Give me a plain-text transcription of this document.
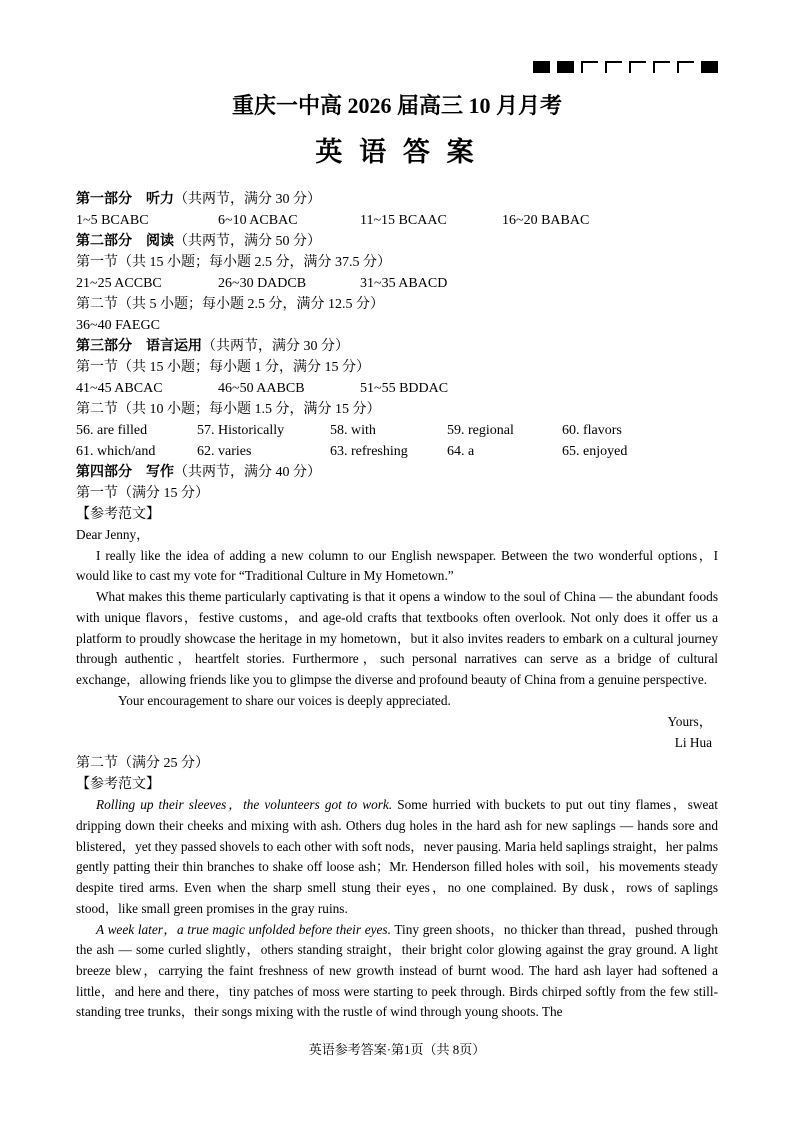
重庆一中高 2026 届高三 10 月月考
英 语 答 案

第一部分　听力（共两节，满分 30 分）

1~5 BCABC	6~10 ACBAC	11~15 BCAAC	16~20 BABAC

第二部分　阅读（共两节，满分 50 分）

第一节（共 15 小题；每小题 2.5 分，满分 37.5 分）

21~25 ACCBC	26~30 DADCB	31~35 ABACD

第二节（共 5 小题；每小题 2.5 分，满分 12.5 分）

36~40 FAEGC

第三部分　语言运用（共两节，满分 30 分）

第一节（共 15 小题；每小题 1 分，满分 15 分）

41~45 ABCAC	46~50 AABCB	51~55 BDDAC

第二节（共 10 小题；每小题 1.5 分，满分 15 分）

56. are filled	57. Historically	58. with	59. regional	60. flavors

61. which/and	62. varies	63. refreshing	64. a	65. enjoyed

第四部分　写作（共两节，满分 40 分）

第一节（满分 15 分）

【参考范文】

Dear Jenny，

I really like the idea of adding a new column to our English newspaper. Between the two wonderful options，I would like to cast my vote for “Traditional Culture in My Hometown.”

What makes this theme particularly captivating is that it opens a window to the soul of China — the abundant foods with unique flavors，festive customs，and age-old crafts that textbooks often overlook. Not only does it offer us a platform to proudly showcase the heritage in my hometown，but it also invites readers to embark on a cultural journey through authentic，heartfelt stories. Furthermore，such personal narratives can serve as a bridge of cultural exchange，allowing friends like you to glimpse the diverse and profound beauty of China from a genuine perspective.

Your encouragement to share our voices is deeply appreciated.

Yours，

Li Hua

第二节（满分 25 分）

【参考范文】

Rolling up their sleeves，the volunteers got to work. Some hurried with buckets to put out tiny flames，sweat dripping down their cheeks and mixing with ash. Others dug holes in the hard ash for new saplings — hands sore and blistered，yet they passed shovels to each other with soft nods，never pausing. Maria held saplings straight，her palms gently patting their thin branches to shake off loose ash；Mr. Henderson filled holes with soil，his movements steady despite tired arms. Even when the sharp smell stung their eyes，no one complained. By dusk，rows of saplings stood，like small green promises in the gray ruins.

A week later，a true magic unfolded before their eyes. Tiny green shoots，no thicker than thread，pushed through the ash — some curled slightly，others standing straight，their bright color glowing against the gray ground. A light breeze blew，carrying the faint freshness of new growth instead of burnt wood. The hard ash layer had softened a little，and here and there，tiny patches of moss were starting to peek through. Birds chirped softly from the few still-standing tree trunks，their songs mixing with the rustle of wind through young shoots. The

英语参考答案·第1页（共 8页）
